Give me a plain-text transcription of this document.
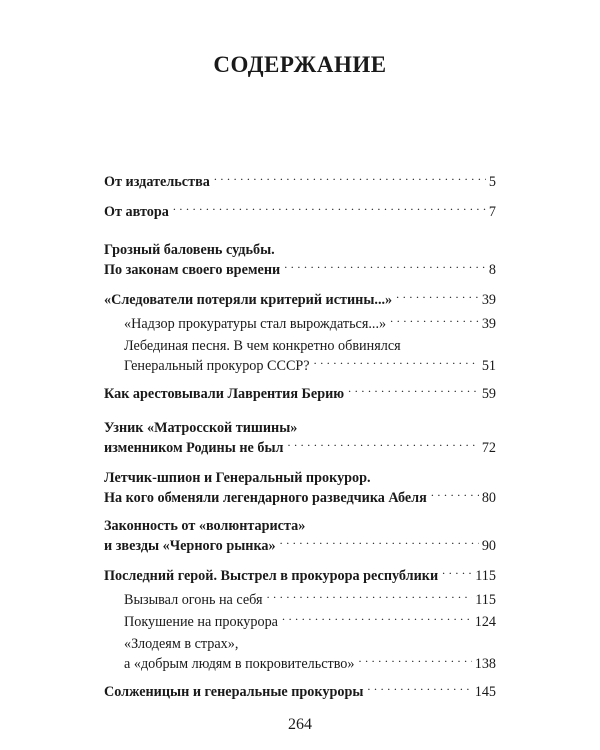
СОДЕРЖАНИЕ
От издательства . . .	5
От автора . . .	7
Грозный баловень судьбы.
По законам своего времени . . .	8
«Следователи потеряли критерий истины...» . . .	39
«Надзор прокуратуры стал вырождаться...» . . .	39
Лебединая песня. В чем конкретно обвинялся
Генеральный прокурор СССР? . . .	51
Как арестовывали Лаврентия Берию . . .	59
Узник «Матросской тишины»
изменником Родины не был . . .	72
Летчик-шпион и Генеральный прокурор.
На кого обменяли легендарного разведчика Абеля . . .	80
Законность от «волюнтариста»
и звезды «Черного рынка» . . .	90
Последний герой. Выстрел в прокурора республики . . .	115
Вызывал огонь на себя . . .	115
Покушение на прокурора . . .	124
«Злодеям в страх»,
а «добрым людям в покровительство» . . .	138
Солженицын и генеральные прокуроры . . .	145
264
